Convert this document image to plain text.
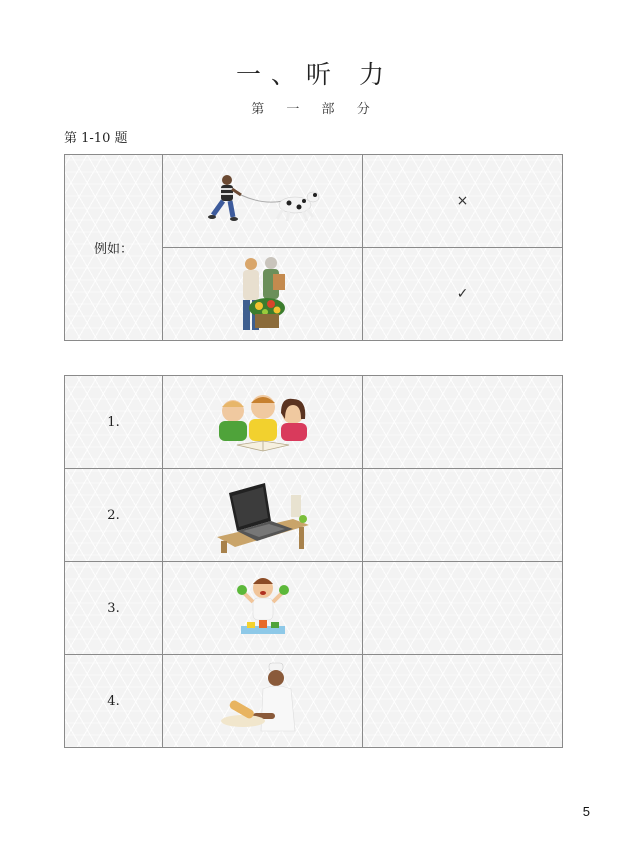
一、听 力
第 一 部 分
第 1-10 题
例如：		×

	✓
1.	

2.	

3.	

4.	

5
